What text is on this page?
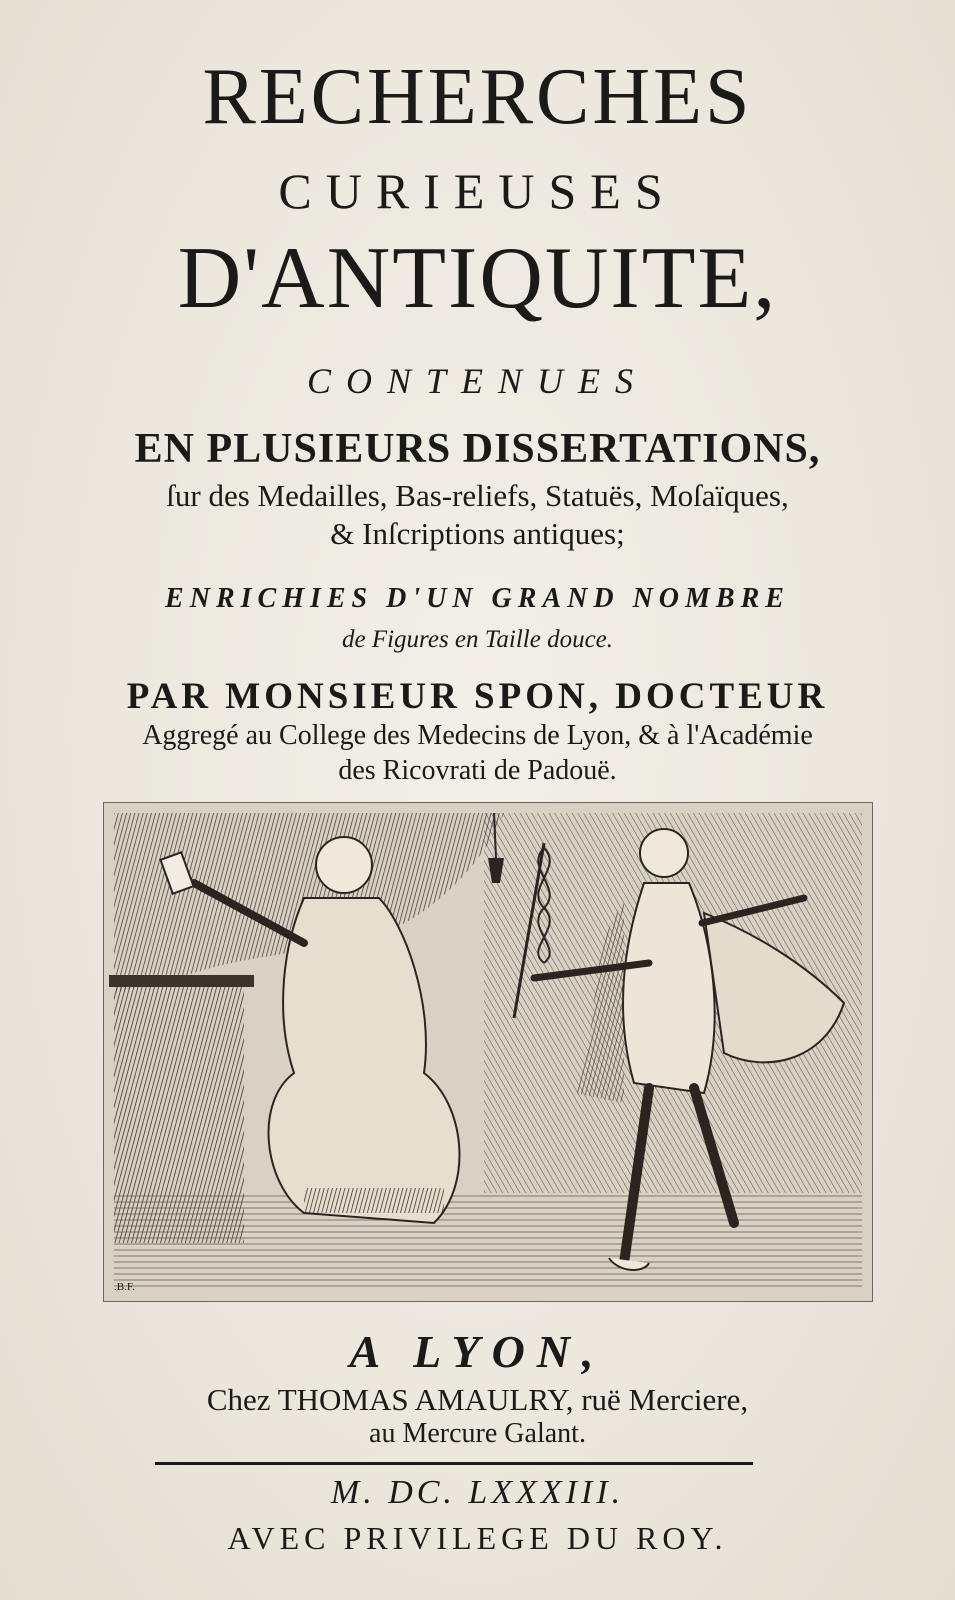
RECHERCHES
CURIEUSES
D'ANTIQUITE,
CONTENUES
EN PLUSIEURS DISSERTATIONS,
ſur des Medailles, Bas-reliefs, Statuës, Moſaïques,
& Inſcriptions antiques;
ENRICHIES D'UN GRAND NOMBRE
de Figures en Taille douce.
PAR MONSIEUR SPON, DOCTEUR
Aggregé au College des Medecins de Lyon, & à l'Académie
des Ricovrati de Padouë.
.B.F.
A LYON,
Chez THOMAS AMAULRY, ruë Merciere,
au Mercure Galant.
M. DC. LXXXIII.
AVEC PRIVILEGE DU ROY.
